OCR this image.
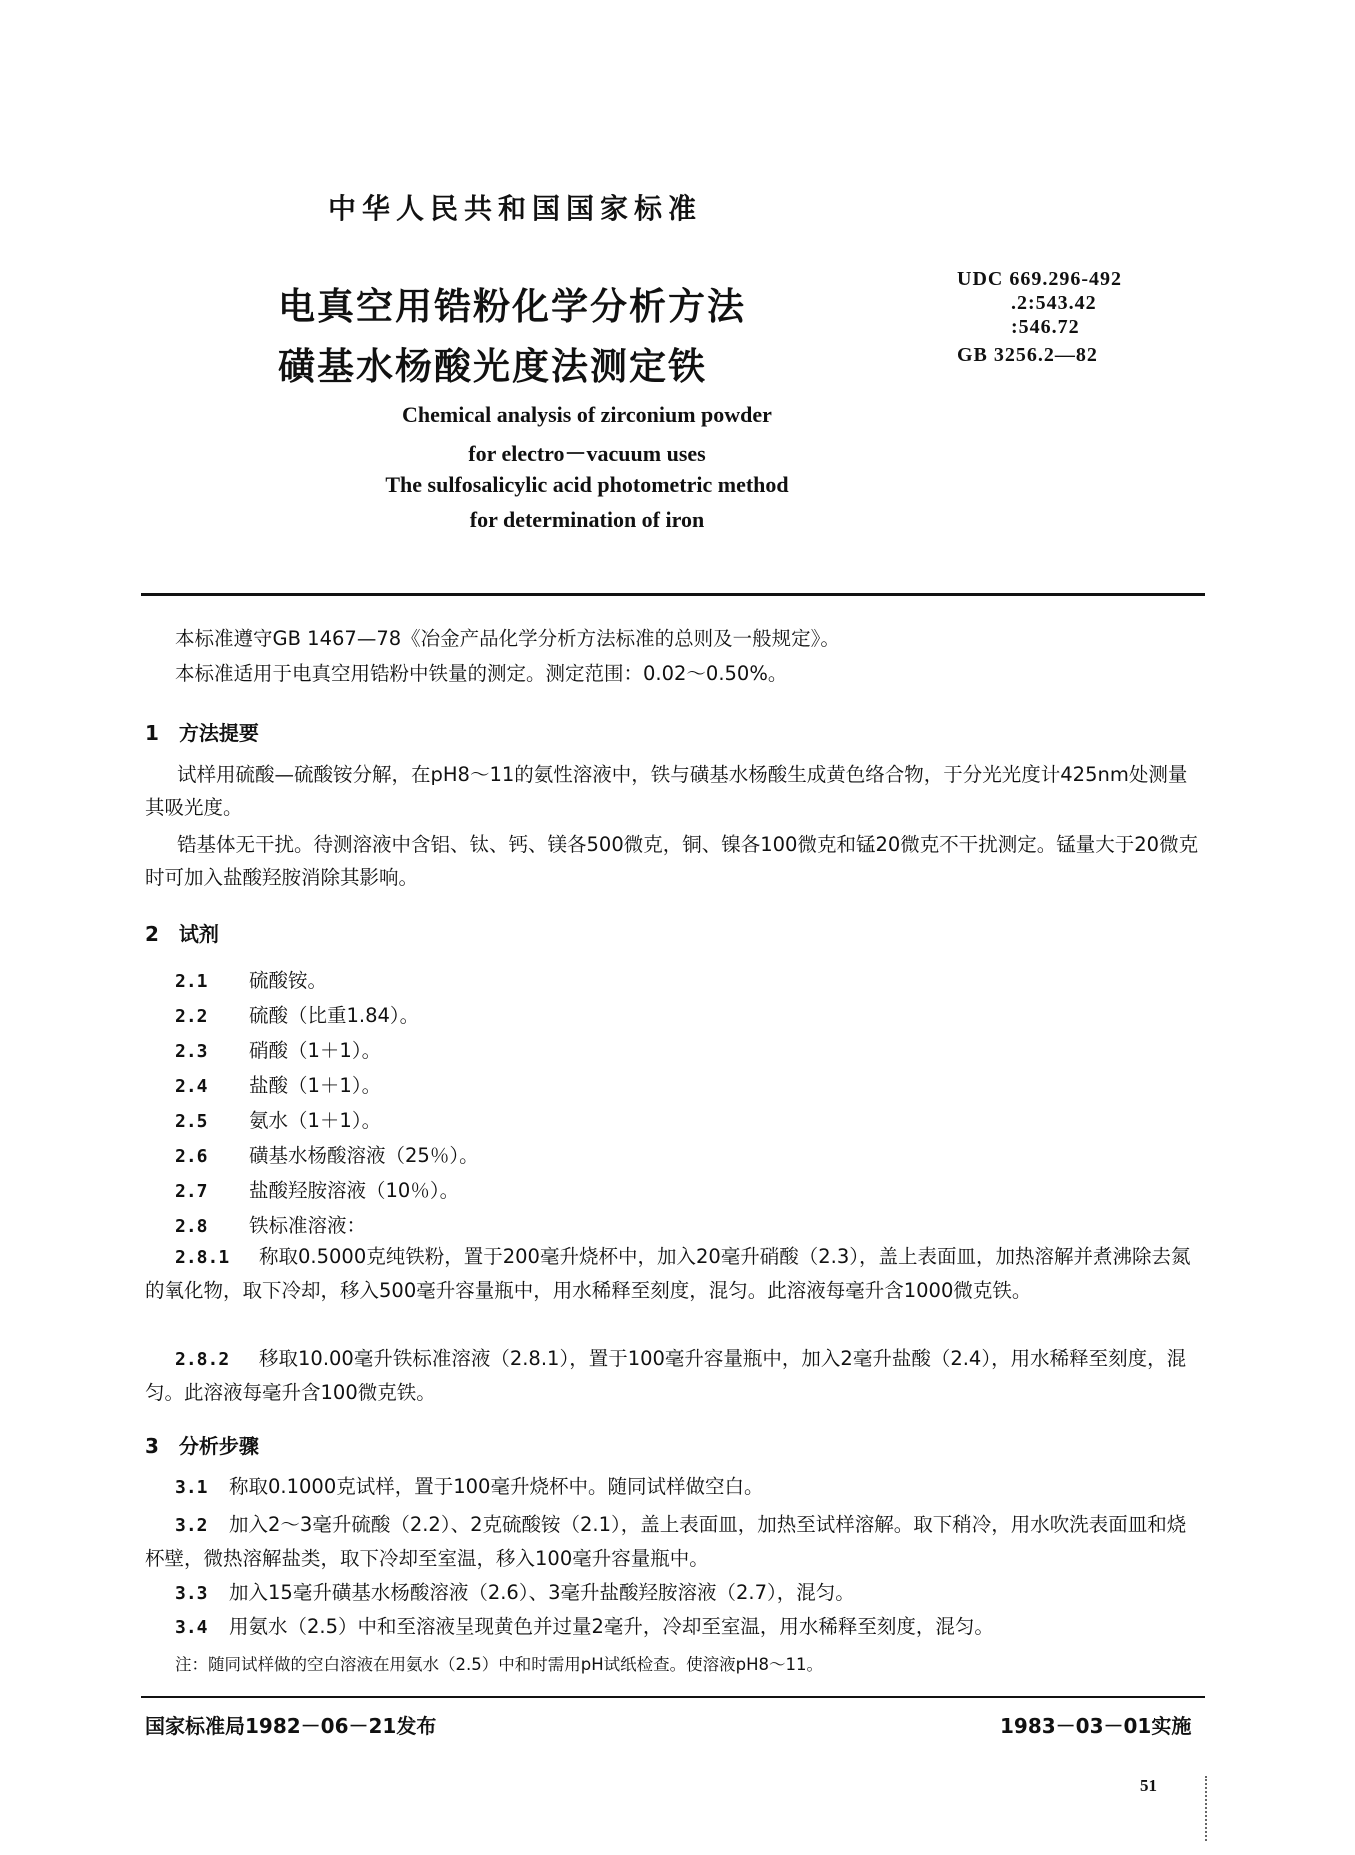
中华人民共和国国家标准
电真空用锆粉化学分析方法
磺基水杨酸光度法测定铁
UDC 669.296-492
.2:543.42
:546.72
GB 3256.2—82
Chemical analysis of zirconium powder
for electro－vacuum uses
The sulfosalicylic acid photometric method
for determination of iron
本标准遵守GB 1467—78《冶金产品化学分析方法标准的总则及一般规定》。
本标准适用于电真空用锆粉中铁量的测定。测定范围：0.02～0.50%。
1　方法提要
试样用硫酸—硫酸铵分解，在pH8～11的氨性溶液中，铁与磺基水杨酸生成黄色络合物，于分光光度计425nm处测量其吸光度。
锆基体无干扰。待测溶液中含铝、钛、钙、镁各500微克，铜、镍各100微克和锰20微克不干扰测定。锰量大于20微克时可加入盐酸羟胺消除其影响。
2　试剂
2.1 硫酸铵。
2.2 硫酸（比重1.84）。
2.3 硝酸（1＋1）。
2.4 盐酸（1＋1）。
2.5 氨水（1＋1）。
2.6 磺基水杨酸溶液（25％）。
2.7 盐酸羟胺溶液（10％）。
2.8 铁标准溶液：
2.8.1 称取0.5000克纯铁粉，置于200毫升烧杯中，加入20毫升硝酸（2.3），盖上表面皿，加热溶解并煮沸除去氮的氧化物，取下冷却，移入500毫升容量瓶中，用水稀释至刻度，混匀。此溶液每毫升含1000微克铁。
2.8.2 移取10.00毫升铁标准溶液（2.8.1），置于100毫升容量瓶中，加入2毫升盐酸（2.4），用水稀释至刻度，混匀。此溶液每毫升含100微克铁。
3　分析步骤
3.1 称取0.1000克试样，置于100毫升烧杯中。随同试样做空白。
3.2 加入2～3毫升硫酸（2.2）、2克硫酸铵（2.1），盖上表面皿，加热至试样溶解。取下稍冷，用水吹洗表面皿和烧杯壁，微热溶解盐类，取下冷却至室温，移入100毫升容量瓶中。
3.3 加入15毫升磺基水杨酸溶液（2.6）、3毫升盐酸羟胺溶液（2.7），混匀。
3.4 用氨水（2.5）中和至溶液呈现黄色并过量2毫升，冷却至室温，用水稀释至刻度，混匀。
注：随同试样做的空白溶液在用氨水（2.5）中和时需用pH试纸检查。使溶液pH8～11。
国家标准局1982－06－21发布	1983－03－01实施
51
